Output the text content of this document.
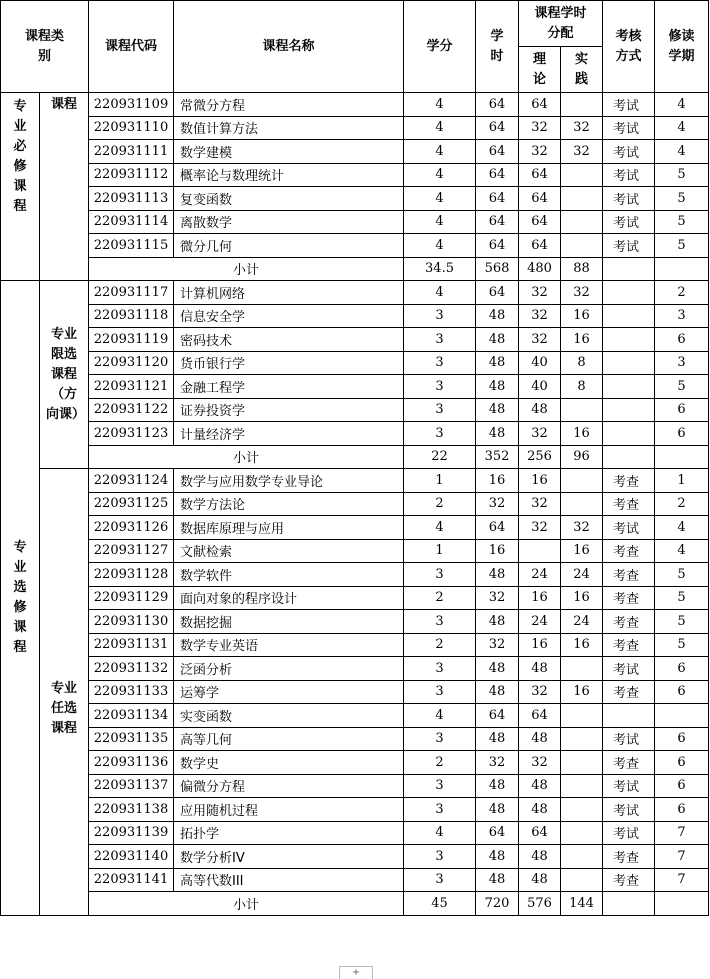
课程类别		课程代码	课程名称	学分	学时	课程学时分配		考核方式	修读学期
						理论	实践		
专业必修课程	课程	220931109	常微分方程	4	64	64		考试	4
		220931110	数值计算方法	4	64	32	32	考试	4
		220931111	数学建模	4	64	32	32	考试	4
		220931112	概率论与数理统计	4	64	64		考试	5
		220931113	复变函数	4	64	64		考试	5
		220931114	离散数学	4	64	64		考试	5
		220931115	微分几何	4	64	64		考试	5
		小计		34.5	568	480	88		
专业选修课程	专业限选课程（方向课）	220931117	计算机网络	4	64	32	32		2
		220931118	信息安全学	3	48	32	16		3
		220931119	密码技术	3	48	32	16		6
		220931120	货币银行学	3	48	40	8		3
		220931121	金融工程学	3	48	40	8		5
		220931122	证券投资学	3	48	48			6
		220931123	计量经济学	3	48	32	16		6
		小计		22	352	256	96		
	专业任选课程	220931124	数学与应用数学专业导论	1	16	16		考查	1
		220931125	数学方法论	2	32	32		考查	2
		220931126	数据库原理与应用	4	64	32	32	考试	4
		220931127	文献检索	1	16		16	考查	4
		220931128	数学软件	3	48	24	24	考查	5
		220931129	面向对象的程序设计	2	32	16	16	考查	5
		220931130	数据挖掘	3	48	24	24	考查	5
		220931131	数学专业英语	2	32	16	16	考查	5
		220931132	泛函分析	3	48	48		考试	6
		220931133	运筹学	3	48	32	16	考查	6
		220931134	实变函数	4	64	64			
		220931135	高等几何	3	48	48		考试	6
		220931136	数学史	2	32	32		考查	6
		220931137	偏微分方程	3	48	48		考试	6
		220931138	应用随机过程	3	48	48		考试	6
		220931139	拓扑学	4	64	64		考试	7
		220931140	数学分析IV	3	48	48		考查	7
		220931141	高等代数III	3	48	48		考查	7
		小计		45	720	576	144		
+
